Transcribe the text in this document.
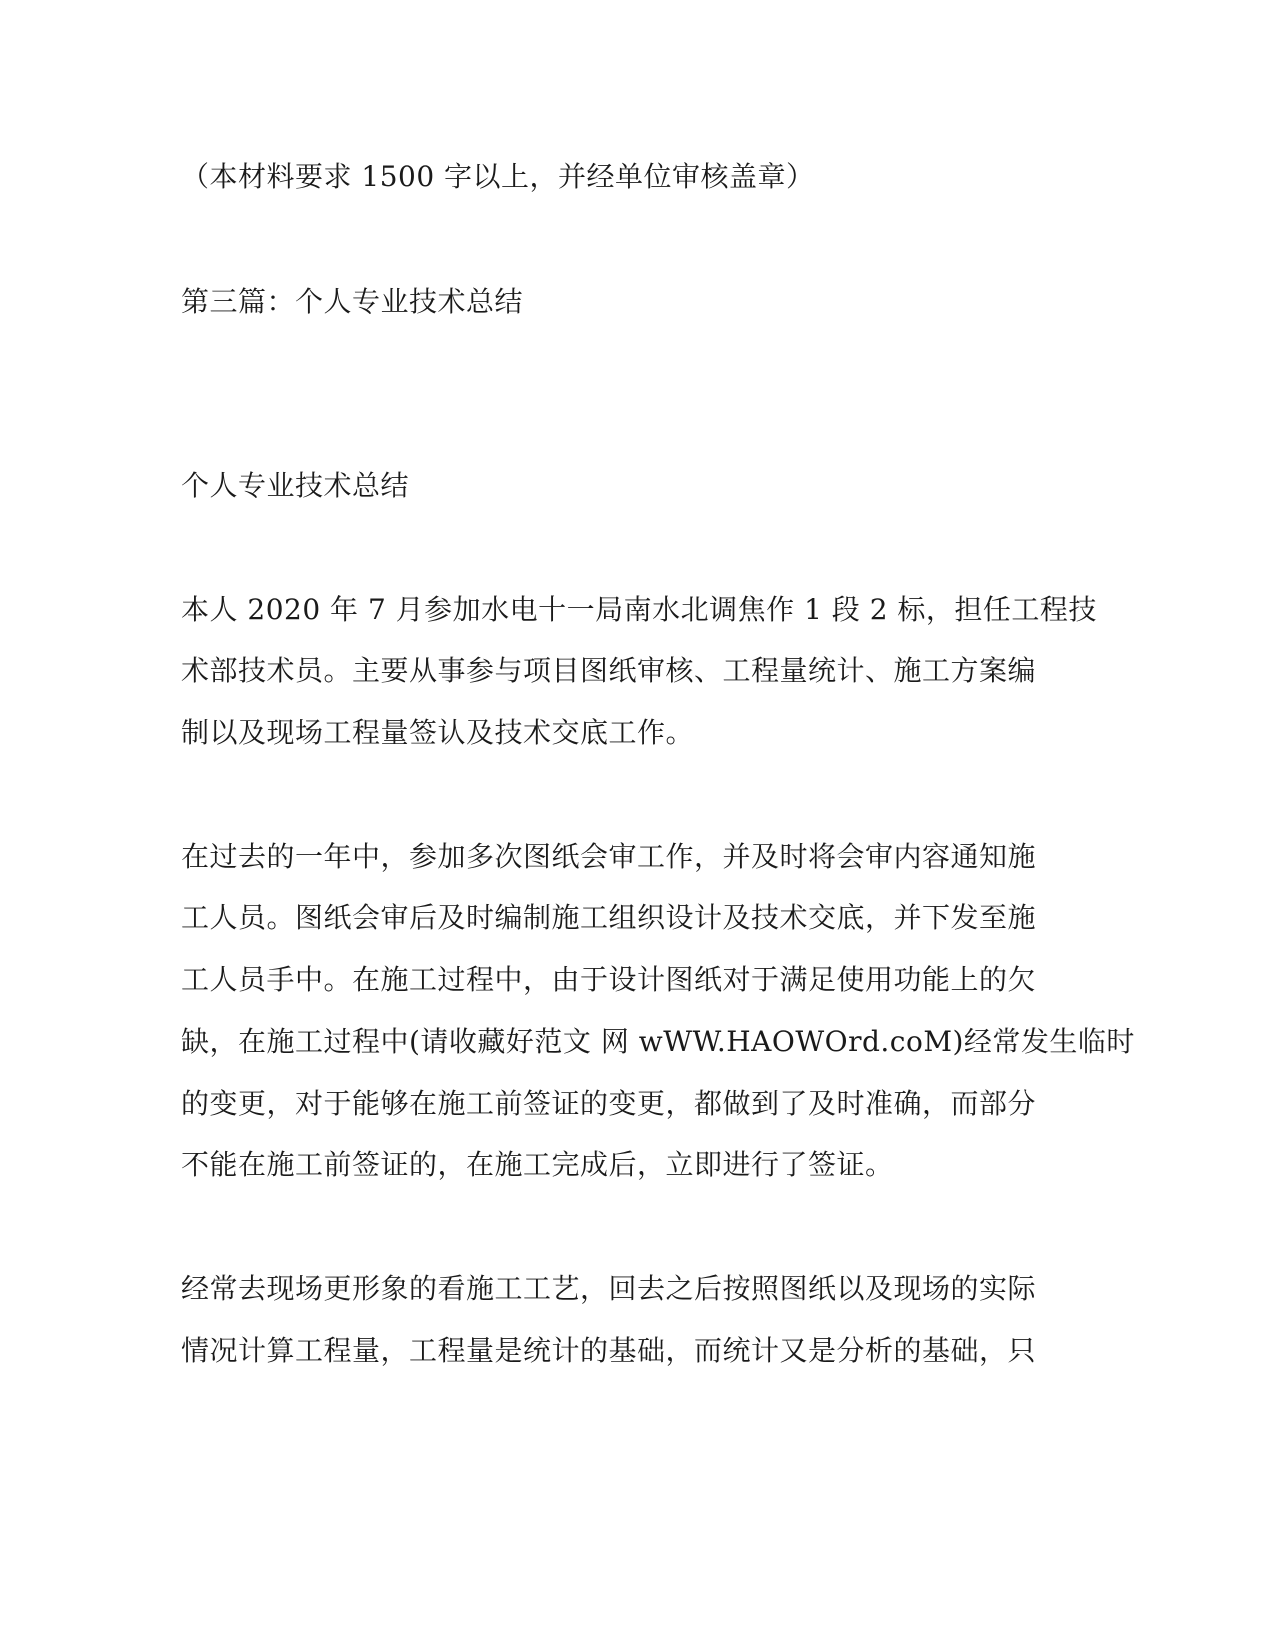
（本材料要求 1500 字以上，并经单位审核盖章）
第三篇：个人专业技术总结
个人专业技术总结
本人 2020 年 7 月参加水电十一局南水北调焦作 1 段 2 标，担任工程技
术部技术员。主要从事参与项目图纸审核、工程量统计、施工方案编
制以及现场工程量签认及技术交底工作。
在过去的一年中，参加多次图纸会审工作，并及时将会审内容通知施
工人员。图纸会审后及时编制施工组织设计及技术交底，并下发至施
工人员手中。在施工过程中，由于设计图纸对于满足使用功能上的欠
缺，在施工过程中(请收藏好范文 网 wWW.HAOWOrd.coM)经常发生临时
的变更，对于能够在施工前签证的变更，都做到了及时准确，而部分
不能在施工前签证的，在施工完成后，立即进行了签证。
经常去现场更形象的看施工工艺，回去之后按照图纸以及现场的实际
情况计算工程量，工程量是统计的基础，而统计又是分析的基础，只
